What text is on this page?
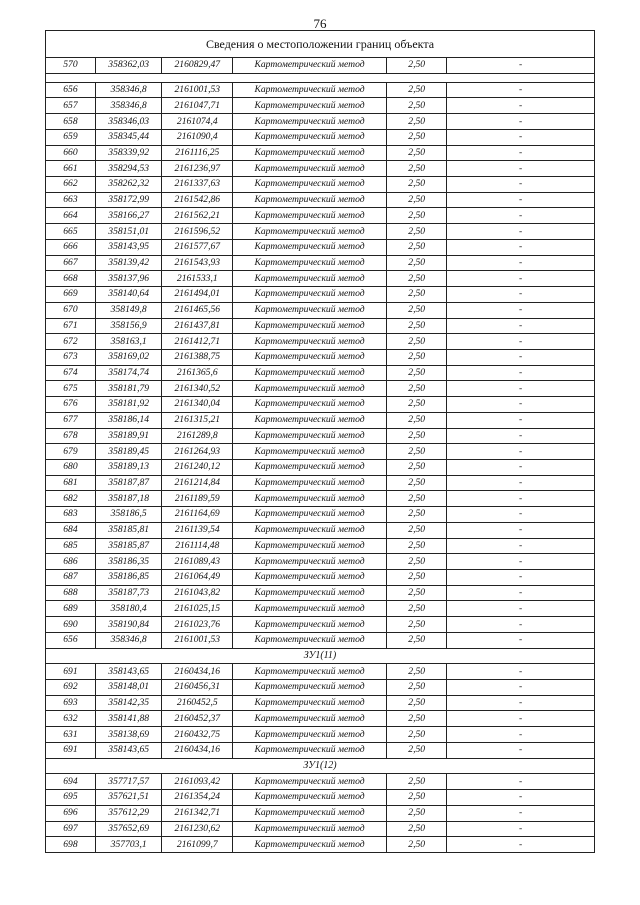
76
Сведения о местоположении границ объекта					
570	358362,03	2160829,47	Картометрический метод	2,50	-

656	358346,8	2161001,53	Картометрический метод	2,50	-
657	358346,8	2161047,71	Картометрический метод	2,50	-
658	358346,03	2161074,4	Картометрический метод	2,50	-
659	358345,44	2161090,4	Картометрический метод	2,50	-
660	358339,92	2161116,25	Картометрический метод	2,50	-
661	358294,53	2161236,97	Картометрический метод	2,50	-
662	358262,32	2161337,63	Картометрический метод	2,50	-
663	358172,99	2161542,86	Картометрический метод	2,50	-
664	358166,27	2161562,21	Картометрический метод	2,50	-
665	358151,01	2161596,52	Картометрический метод	2,50	-
666	358143,95	2161577,67	Картометрический метод	2,50	-
667	358139,42	2161543,93	Картометрический метод	2,50	-
668	358137,96	2161533,1	Картометрический метод	2,50	-
669	358140,64	2161494,01	Картометрический метод	2,50	-
670	358149,8	2161465,56	Картометрический метод	2,50	-
671	358156,9	2161437,81	Картометрический метод	2,50	-
672	358163,1	2161412,71	Картометрический метод	2,50	-
673	358169,02	2161388,75	Картометрический метод	2,50	-
674	358174,74	2161365,6	Картометрический метод	2,50	-
675	358181,79	2161340,52	Картометрический метод	2,50	-
676	358181,92	2161340,04	Картометрический метод	2,50	-
677	358186,14	2161315,21	Картометрический метод	2,50	-
678	358189,91	2161289,8	Картометрический метод	2,50	-
679	358189,45	2161264,93	Картометрический метод	2,50	-
680	358189,13	2161240,12	Картометрический метод	2,50	-
681	358187,87	2161214,84	Картометрический метод	2,50	-
682	358187,18	2161189,59	Картометрический метод	2,50	-
683	358186,5	2161164,69	Картометрический метод	2,50	-
684	358185,81	2161139,54	Картометрический метод	2,50	-
685	358185,87	2161114,48	Картометрический метод	2,50	-
686	358186,35	2161089,43	Картометрический метод	2,50	-
687	358186,85	2161064,49	Картометрический метод	2,50	-
688	358187,73	2161043,82	Картометрический метод	2,50	-
689	358180,4	2161025,15	Картометрический метод	2,50	-
690	358190,84	2161023,76	Картометрический метод	2,50	-
656	358346,8	2161001,53	Картометрический метод	2,50	-
ЗУ1(11)					
691	358143,65	2160434,16	Картометрический метод	2,50	-
692	358148,01	2160456,31	Картометрический метод	2,50	-
693	358142,35	2160452,5	Картометрический метод	2,50	-
632	358141,88	2160452,37	Картометрический метод	2,50	-
631	358138,69	2160432,75	Картометрический метод	2,50	-
691	358143,65	2160434,16	Картометрический метод	2,50	-
ЗУ1(12)					
694	357717,57	2161093,42	Картометрический метод	2,50	-
695	357621,51	2161354,24	Картометрический метод	2,50	-
696	357612,29	2161342,71	Картометрический метод	2,50	-
697	357652,69	2161230,62	Картометрический метод	2,50	-
698	357703,1	2161099,7	Картометрический метод	2,50	-
